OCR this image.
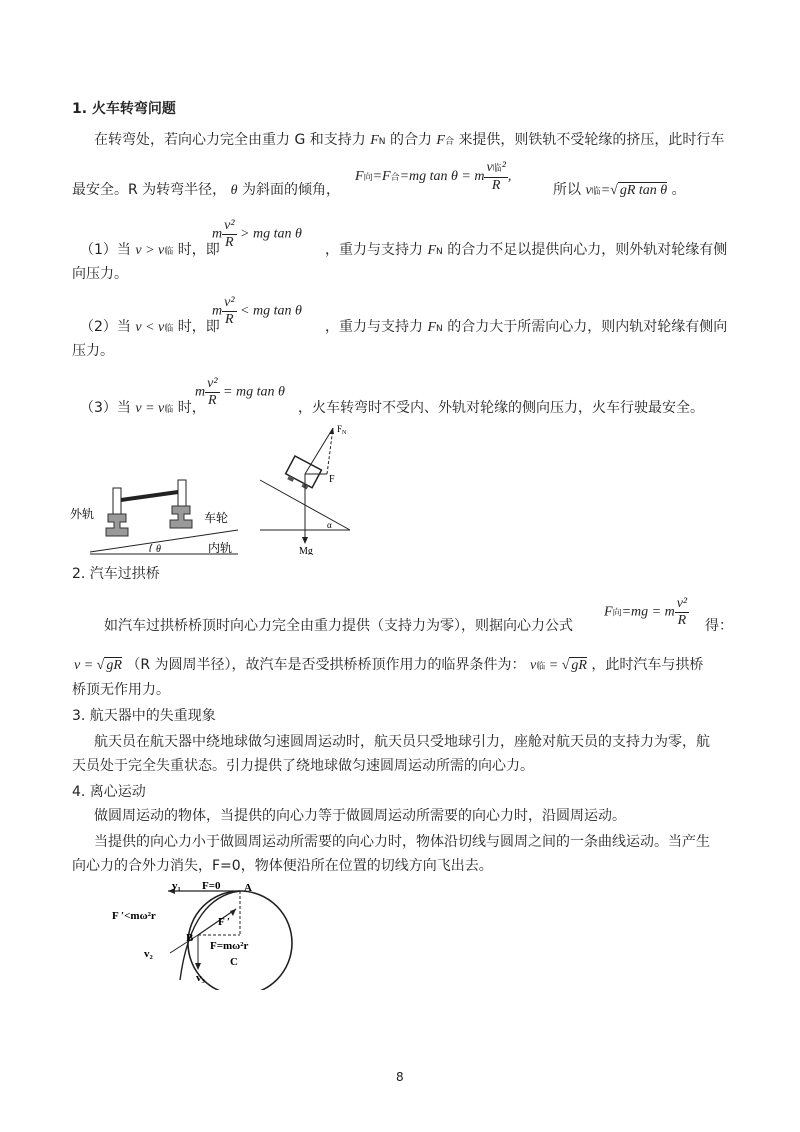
1. 火车转弯问题
在转弯处，若向心力完全由重力 G 和支持力 FN 的合力 F合 来提供，则铁轨不受轮缘的挤压，此时行车
最安全。R 为转弯半径， θ 为斜面的倾角，
F向=F合=mg tan θ = m $\frac{\text{v临²}}{R}$ ,
所以 v临=√ gR tan θ 。
（1）当 v > v临 时，即
m $\frac{\text{v²}}{R}$ > mg tan θ
，重力与支持力 FN 的合力不足以提供向心力，则外轨对轮缘有侧
向压力。
（2）当 v < v临 时，即
m $\frac{\text{v²}}{R}$ < mg tan θ
，重力与支持力 FN 的合力大于所需向心力，则内轨对轮缘有侧向
压力。
（3）当 v = v临 时，
m $\frac{\text{v²}}{R}$ = mg tan θ
，火车转弯时不受内、外轨对轮缘的侧向压力，火车行驶最安全。
外轨	车轮
内轨
θ
$F_N$
F
Mg
α
2. 汽车过拱桥
如汽车过拱桥桥顶时向心力完全由重力提供（支持力为零），则据向心力公式
F向=mg = m $\frac{\text{v²}}{R}$ 得：
v = √ gR （R 为圆周半径），故汽车是否受拱桥桥顶作用力的临界条件为： v临 = √ gR ，此时汽车与拱桥
桥顶无作用力。
3. 航天器中的失重现象
航天员在航天器中绕地球做匀速圆周运动时，航天员只受地球引力，座舱对航天员的支持力为零，航
天员处于完全失重状态。引力提供了绕地球做匀速圆周运动所需的向心力。
4. 离心运动
做圆周运动的物体，当提供的向心力等于做圆周运动所需要的向心力时，沿圆周运动。
当提供的向心力小于做圆周运动所需要的向心力时，物体沿切线与圆周之间的一条曲线运动。当产生
向心力的合外力消失，F=0，物体便沿所在位置的切线方向飞出去。
v₁ F=0 A
F ′<mω²r	F ′
B
F=mω²r
v₂
v₃
C
8
